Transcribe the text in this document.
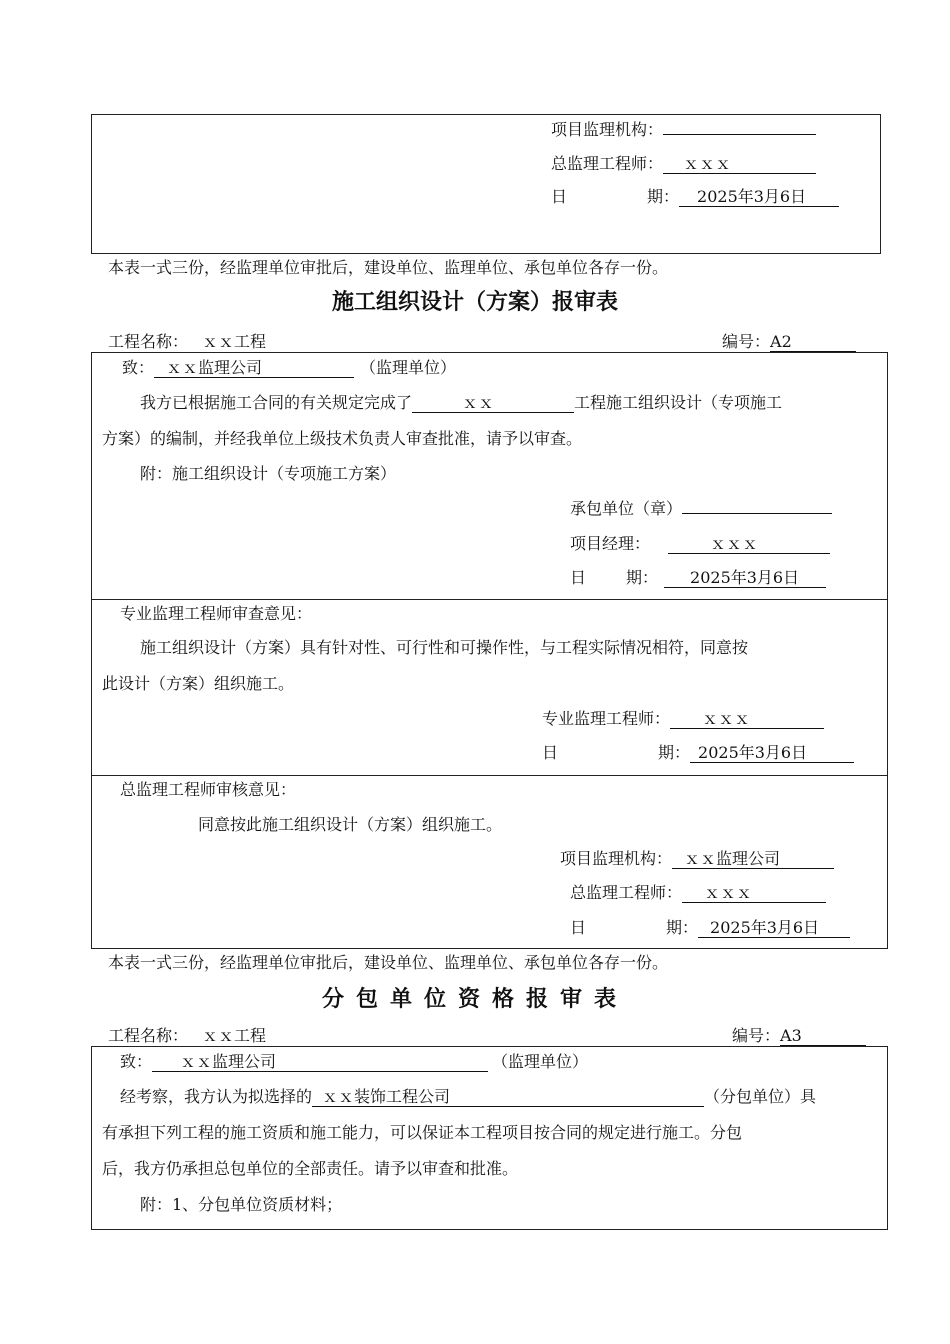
项目监理机构：
总监理工程师： ｘｘｘ
日	期： 2025年3月6日
本表一式三份，经监理单位审批后，建设单位、监理单位、承包单位各存一份。
施工组织设计（方案）报审表
工程名称： ｘｘ工程	编号：A2
致： ｘｘ监理公司	（监理单位）
我方已根据施工合同的有关规定完成了	ｘｘ	工程施工组织设计（专项施工
方案）的编制，并经我单位上级技术负责人审查批准，请予以审查。
附：施工组织设计（专项施工方案）
承包单位（章）
项目经理：	ｘｘｘ
日	期： 2025年3月6日
专业监理工程师审查意见：
施工组织设计（方案）具有针对性、可行性和可操作性，与工程实际情况相符，同意按
此设计（方案）组织施工。
专业监理工程师： ｘｘｘ
日	期： 2025年3月6日
总监理工程师审核意见：
同意按此施工组织设计（方案）组织施工。
项目监理机构： ｘｘ监理公司
总监理工程师： ｘｘｘ
日	期： 2025年3月6日
本表一式三份，经监理单位审批后，建设单位、监理单位、承包单位各存一份。
分包单位资格报审表
工程名称： ｘｘ工程	编号：A3
致： ｘｘ监理公司	（监理单位）
经考察，我方认为拟选择的 ｘｘ装饰工程公司	（分包单位）具
有承担下列工程的施工资质和施工能力，可以保证本工程项目按合同的规定进行施工。分包
后，我方仍承担总包单位的全部责任。请予以审查和批准。
附：1、分包单位资质材料；
